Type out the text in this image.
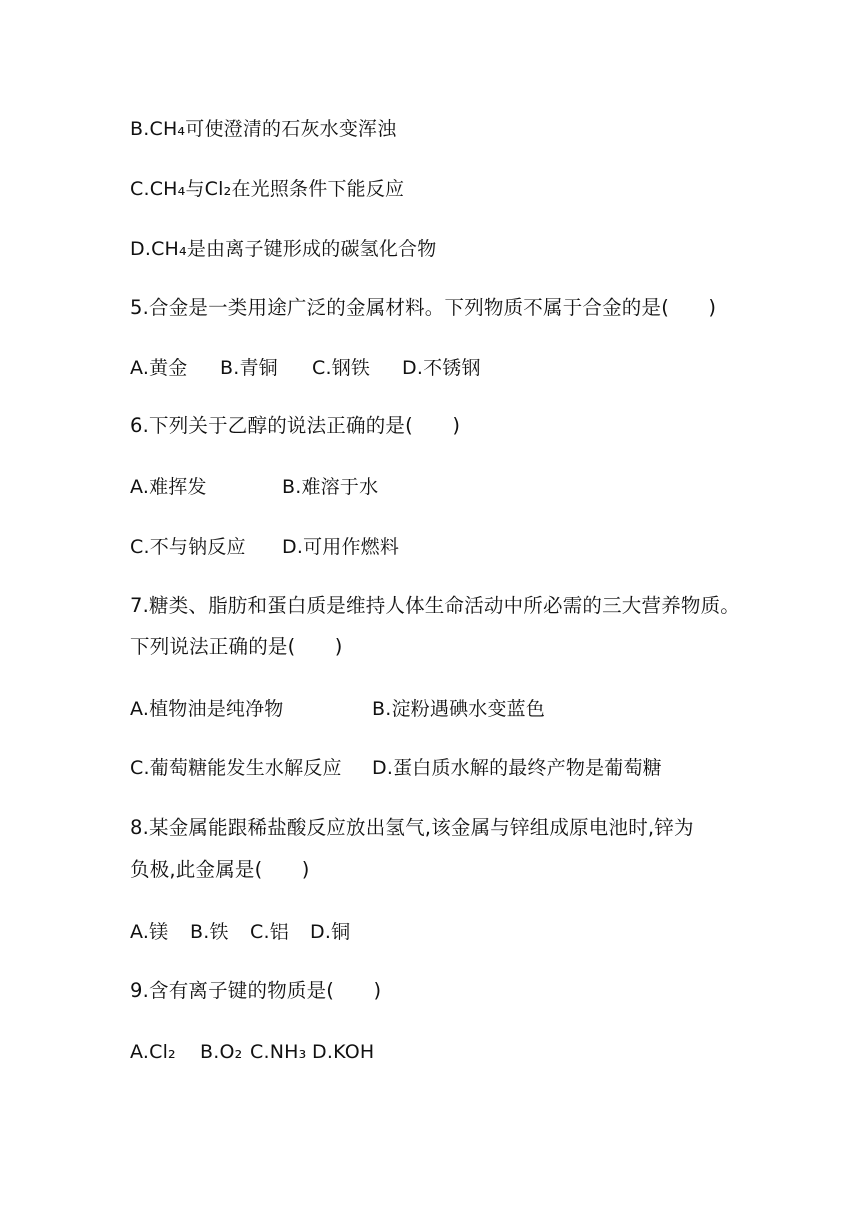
B.CH₄可使澄清的石灰水变浑浊
C.CH₄与Cl₂在光照条件下能反应
D.CH₄是由离子键形成的碳氢化合物
5.合金是一类用途广泛的金属材料。下列物质不属于合金的是(　　)

A.黄金

B.青铜

C.钢铁

D.不锈钢

6.下列关于乙醇的说法正确的是(　　)

A.难挥发

	B.难溶于水

C.不与钠反应

D.可用作燃料

7.糖类、脂肪和蛋白质是维持人体生命活动中所必需的三大营养物质。
下列说法正确的是(　　)

A.植物油是纯净物

	B.淀粉遇碘水变蓝色

C.葡萄糖能发生水解反应

D.蛋白质水解的最终产物是葡萄糖

8.某金属能跟稀盐酸反应放出氢气,该金属与锌组成原电池时,锌为
负极,此金属是(　　)

A.镁

B.铁

C.铝

D.铜

9.含有离子键的物质是(　　)

A.Cl₂

B.O₂

C.NH₃

D.KOH
